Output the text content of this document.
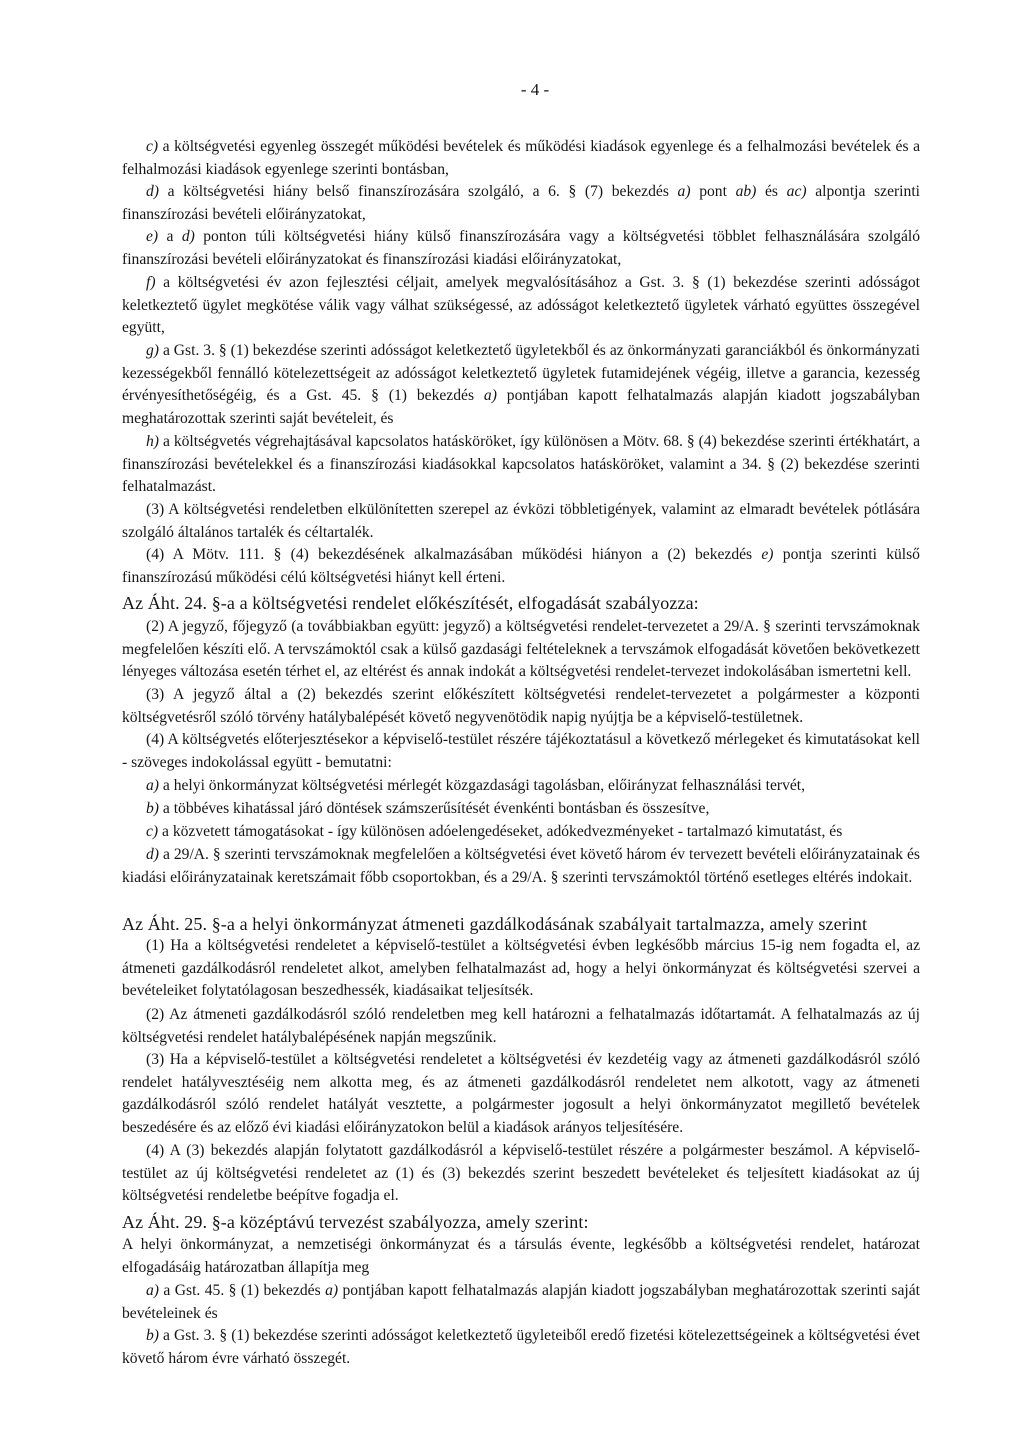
- 4 -

c) a költségvetési egyenleg összegét működési bevételek és működési kiadások egyenlege és a felhalmozási bevételek és a felhalmozási kiadások egyenlege szerinti bontásban,

d) a költségvetési hiány belső finanszírozására szolgáló, a 6. § (7) bekezdés a) pont ab) és ac) alpontja szerinti finanszírozási bevételi előirányzatokat,

e) a d) ponton túli költségvetési hiány külső finanszírozására vagy a költségvetési többlet felhasználására szolgáló finanszírozási bevételi előirányzatokat és finanszírozási kiadási előirányzatokat,

f) a költségvetési év azon fejlesztési céljait, amelyek megvalósításához a Gst. 3. § (1) bekezdése szerinti adósságot keletkeztető ügylet megkötése válik vagy válhat szükségessé, az adósságot keletkeztető ügyletek várható együttes összegével együtt,

g) a Gst. 3. § (1) bekezdése szerinti adósságot keletkeztető ügyletekből és az önkormányzati garanciákból és önkormányzati kezességekből fennálló kötelezettségeit az adósságot keletkeztető ügyletek futamidejének végéig, illetve a garancia, kezesség érvényesíthetőségéig, és a Gst. 45. § (1) bekezdés a) pontjában kapott felhatalmazás alapján kiadott jogszabályban meghatározottak szerinti saját bevételeit, és

h) a költségvetés végrehajtásával kapcsolatos hatásköröket, így különösen a Mötv. 68. § (4) bekezdése szerinti értékhatárt, a finanszírozási bevételekkel és a finanszírozási kiadásokkal kapcsolatos hatásköröket, valamint a 34. § (2) bekezdése szerinti felhatalmazást.

(3) A költségvetési rendeletben elkülönítetten szerepel az évközi többletigények, valamint az elmaradt bevételek pótlására szolgáló általános tartalék és céltartalék.

(4) A Mötv. 111. § (4) bekezdésének alkalmazásában működési hiányon a (2) bekezdés e) pontja szerinti külső finanszírozású működési célú költségvetési hiányt kell érteni.

Az Áht. 24. §-a a költségvetési rendelet előkészítését, elfogadását szabályozza:

(2) A jegyző, főjegyző (a továbbiakban együtt: jegyző) a költségvetési rendelet-tervezetet a 29/A. § szerinti tervszámoknak megfelelően készíti elő. A tervszámoktól csak a külső gazdasági feltételeknek a tervszámok elfogadását követően bekövetkezett lényeges változása esetén térhet el, az eltérést és annak indokát a költségvetési rendelet-tervezet indokolásában ismertetni kell.

(3) A jegyző által a (2) bekezdés szerint előkészített költségvetési rendelet-tervezetet a polgármester a központi költségvetésről szóló törvény hatálybalépését követő negyvenötödik napig nyújtja be a képviselő-testületnek.

(4) A költségvetés előterjesztésekor a képviselő-testület részére tájékoztatásul a következő mérlegeket és kimutatásokat kell - szöveges indokolással együtt - bemutatni:

a) a helyi önkormányzat költségvetési mérlegét közgazdasági tagolásban, előirányzat felhasználási tervét,

b) a többéves kihatással járó döntések számszerűsítését évenkénti bontásban és összesítve,

c) a közvetett támogatásokat - így különösen adóelengedéseket, adókedvezményeket - tartalmazó kimutatást, és

d) a 29/A. § szerinti tervszámoknak megfelelően a költségvetési évet követő három év tervezett bevételi előirányzatainak és kiadási előirányzatainak keretszámait főbb csoportokban, és a 29/A. § szerinti tervszámoktól történő esetleges eltérés indokait.

Az Áht. 25. §-a a helyi önkormányzat átmeneti gazdálkodásának szabályait tartalmazza, amely szerint

(1) Ha a költségvetési rendeletet a képviselő-testület a költségvetési évben legkésőbb március 15-ig nem fogadta el, az átmeneti gazdálkodásról rendeletet alkot, amelyben felhatalmazást ad, hogy a helyi önkormányzat és költségvetési szervei a bevételeiket folytatólagosan beszedhessék, kiadásaikat teljesítsék.

(2) Az átmeneti gazdálkodásról szóló rendeletben meg kell határozni a felhatalmazás időtartamát. A felhatalmazás az új költségvetési rendelet hatálybalépésének napján megszűnik.

(3) Ha a képviselő-testület a költségvetési rendeletet a költségvetési év kezdetéig vagy az átmeneti gazdálkodásról szóló rendelet hatályvesztéséig nem alkotta meg, és az átmeneti gazdálkodásról rendeletet nem alkotott, vagy az átmeneti gazdálkodásról szóló rendelet hatályát vesztette, a polgármester jogosult a helyi önkormányzatot megillető bevételek beszedésére és az előző évi kiadási előirányzatokon belül a kiadások arányos teljesítésére.

(4) A (3) bekezdés alapján folytatott gazdálkodásról a képviselő-testület részére a polgármester beszámol. A képviselő-testület az új költségvetési rendeletet az (1) és (3) bekezdés szerint beszedett bevételeket és teljesített kiadásokat az új költségvetési rendeletbe beépítve fogadja el.

Az Áht. 29. §-a középtávú tervezést szabályozza, amely szerint:

A helyi önkormányzat, a nemzetiségi önkormányzat és a társulás évente, legkésőbb a költségvetési rendelet, határozat elfogadásáig határozatban állapítja meg

a) a Gst. 45. § (1) bekezdés a) pontjában kapott felhatalmazás alapján kiadott jogszabályban meghatározottak szerinti saját bevételeinek és

b) a Gst. 3. § (1) bekezdése szerinti adósságot keletkeztető ügyleteiből eredő fizetési kötelezettségeinek a költségvetési évet követő három évre várható összegét.
